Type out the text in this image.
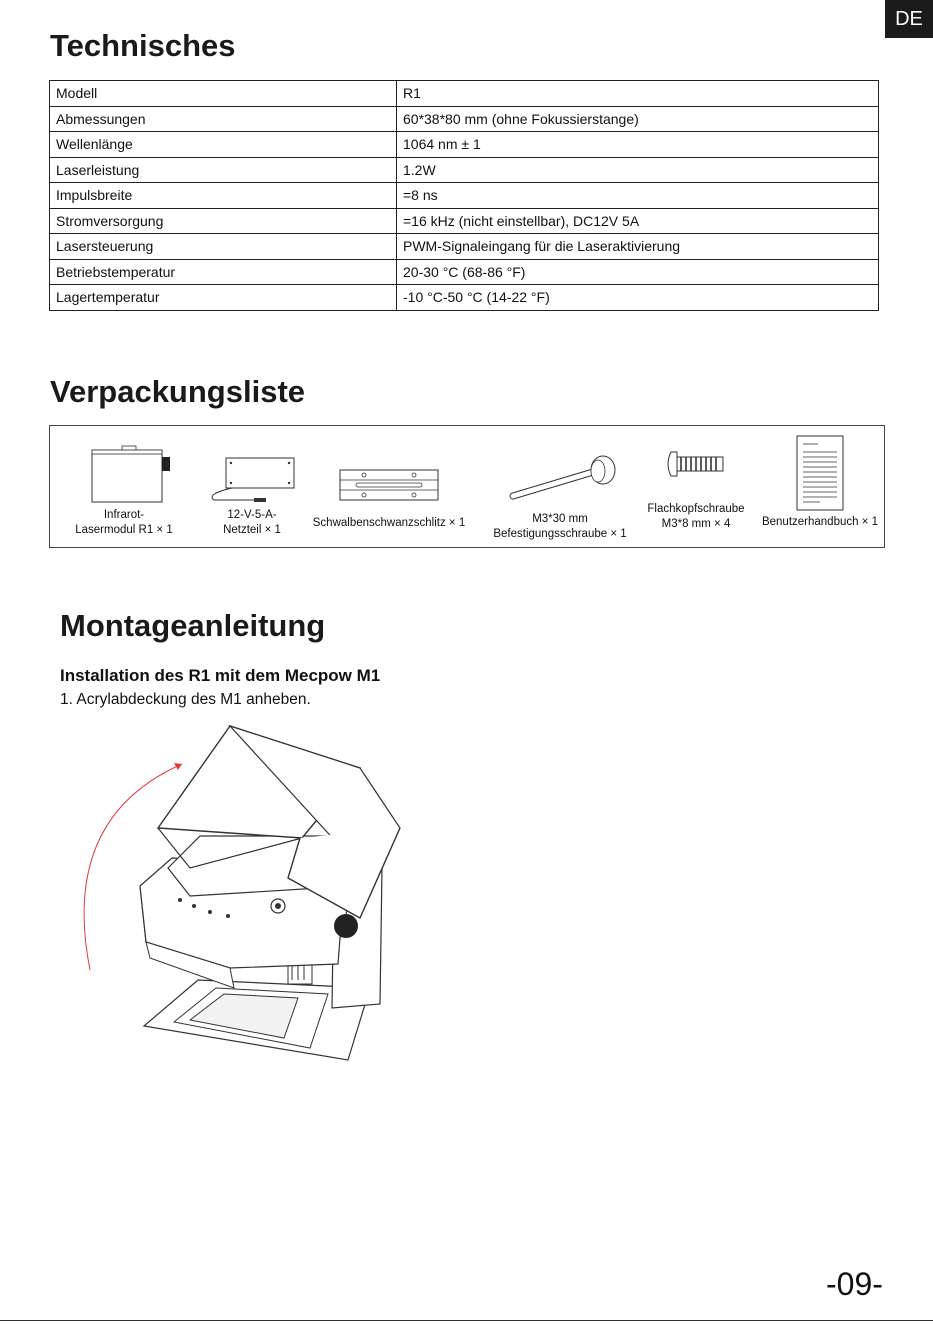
DE
Technisches
Modell	R1
Abmessungen	60*38*80 mm (ohne Fokussierstange)
Wellenlänge	1064 nm ± 1
Laserleistung	1.2W
Impulsbreite	=8 ns
Stromversorgung	=16 kHz (nicht einstellbar), DC12V 5A
Lasersteuerung	PWM-Signaleingang für die Laseraktivierung
Betriebstemperatur	20-30 °C (68-86 °F)
Lagertemperatur	-10 °C-50 °C (14-22 °F)
Verpackungsliste
Infrarot-
Lasermodul R1 × 1
12-V-5-A-
Netzteil × 1
Schwalbenschwanzschlitz × 1	M3*30 mm
Befestigungsschraube × 1
Flachkopfschraube
M3*8 mm × 4	Benutzerhandbuch × 1
Montageanleitung
Installation des R1 mit dem Mecpow M1
1. Acrylabdeckung des M1 anheben.
-09-
